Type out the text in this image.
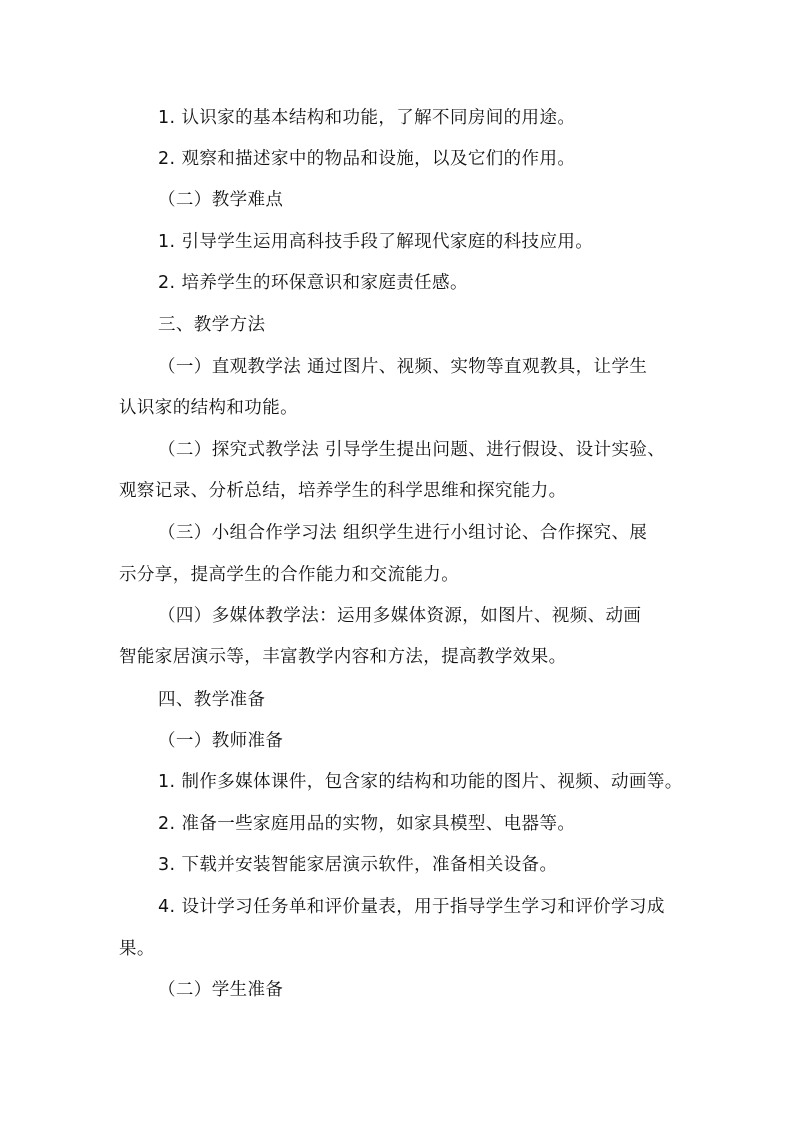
1. 认识家的基本结构和功能，了解不同房间的用途。
2. 观察和描述家中的物品和设施，以及它们的作用。
（二）教学难点
1. 引导学生运用高科技手段了解现代家庭的科技应用。
2. 培养学生的环保意识和家庭责任感。
三、教学方法
（一）直观教学法 通过图片、视频、实物等直观教具，让学生
认识家的结构和功能。
（二）探究式教学法 引导学生提出问题、进行假设、设计实验、
观察记录、分析总结，培养学生的科学思维和探究能力。
（三）小组合作学习法 组织学生进行小组讨论、合作探究、展
示分享，提高学生的合作能力和交流能力。
（四）多媒体教学法：运用多媒体资源，如图片、视频、动画
智能家居演示等，丰富教学内容和方法，提高教学效果。
四、教学准备
（一）教师准备
1. 制作多媒体课件，包含家的结构和功能的图片、视频、动画等。
2. 准备一些家庭用品的实物，如家具模型、电器等。
3. 下载并安装智能家居演示软件，准备相关设备。
4. 设计学习任务单和评价量表，用于指导学生学习和评价学习成
果。
（二）学生准备
